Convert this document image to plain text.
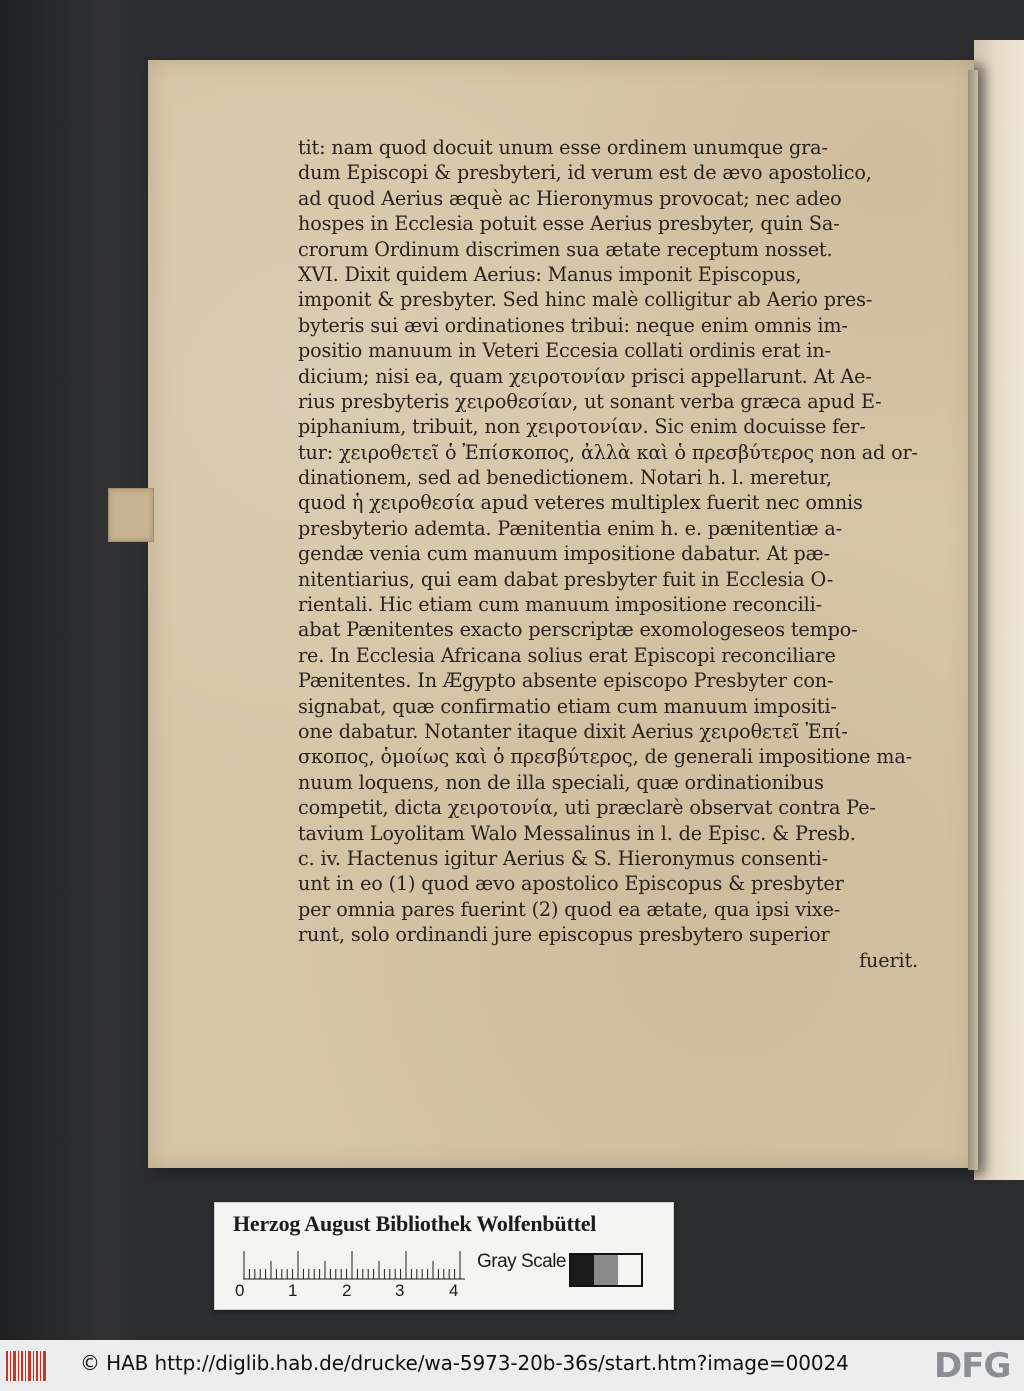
tit: nam quod docuit unum esse ordinem unumque gra-
dum Episcopi & presbyteri, id verum est de ævo apostolico,
ad quod Aerius æquè ac Hieronymus provocat; nec adeo
hospes in Ecclesia potuit esse Aerius presbyter, quin Sa-
crorum Ordinum discrimen sua ætate receptum nosset.
XVI. Dixit quidem Aerius: Manus imponit Episcopus,
imponit & presbyter. Sed hinc malè colligitur ab Aerio pres-
byteris sui ævi ordinationes tribui: neque enim omnis im-
positio manuum in Veteri Eccesia collati ordinis erat in-
dicium; nisi ea, quam χειροτονίαν prisci appellarunt. At Ae-
rius presbyteris χειροθεσίαν, ut sonant verba græca apud E-
piphanium, tribuit, non χειροτονίαν. Sic enim docuisse fer-
tur: χειροθετεῖ ὁ Ἐπίσκοπος, ἀλλὰ καὶ ὁ πρεσβύτερος non ad or-
dinationem, sed ad benedictionem. Notari h. l. meretur,
quod ἡ χειροθεσία apud veteres multiplex fuerit nec omnis
presbyterio ademta. Pænitentia enim h. e. pænitentiæ a-
gendæ venia cum manuum impositione dabatur. At pæ-
nitentiarius, qui eam dabat presbyter fuit in Ecclesia O-
rientali. Hic etiam cum manuum impositione reconcili-
abat Pænitentes exacto perscriptæ exomologeseos tempo-
re. In Ecclesia Africana solius erat Episcopi reconciliare
Pænitentes. In Ægypto absente episcopo Presbyter con-
signabat, quæ confirmatio etiam cum manuum impositi-
one dabatur. Notanter itaque dixit Aerius χειροθετεῖ Ἐπί-
σκοπος, ὁμοίως καὶ ὁ πρεσβύτερος, de generali impositione ma-
nuum loquens, non de illa speciali, quæ ordinationibus
competit, dicta χειροτονία, uti præclarè observat contra Pe-
tavium Loyolitam Walo Messalinus in l. de Episc. & Presb.
c. iv. Hactenus igitur Aerius & S. Hieronymus consenti-
unt in eo (1) quod ævo apostolico Episcopus & presbyter
per omnia pares fuerint (2) quod ea ætate, qua ipsi vixe-
runt, solo ordinandi jure episcopus presbytero superior
fuerit.
Herzog August Bibliothek Wolfenbüttel
0	1	2	3	4
Gray Scale
© HAB http://diglib.hab.de/drucke/wa-5973-20b-36s/start.htm?image=00024	DFG
